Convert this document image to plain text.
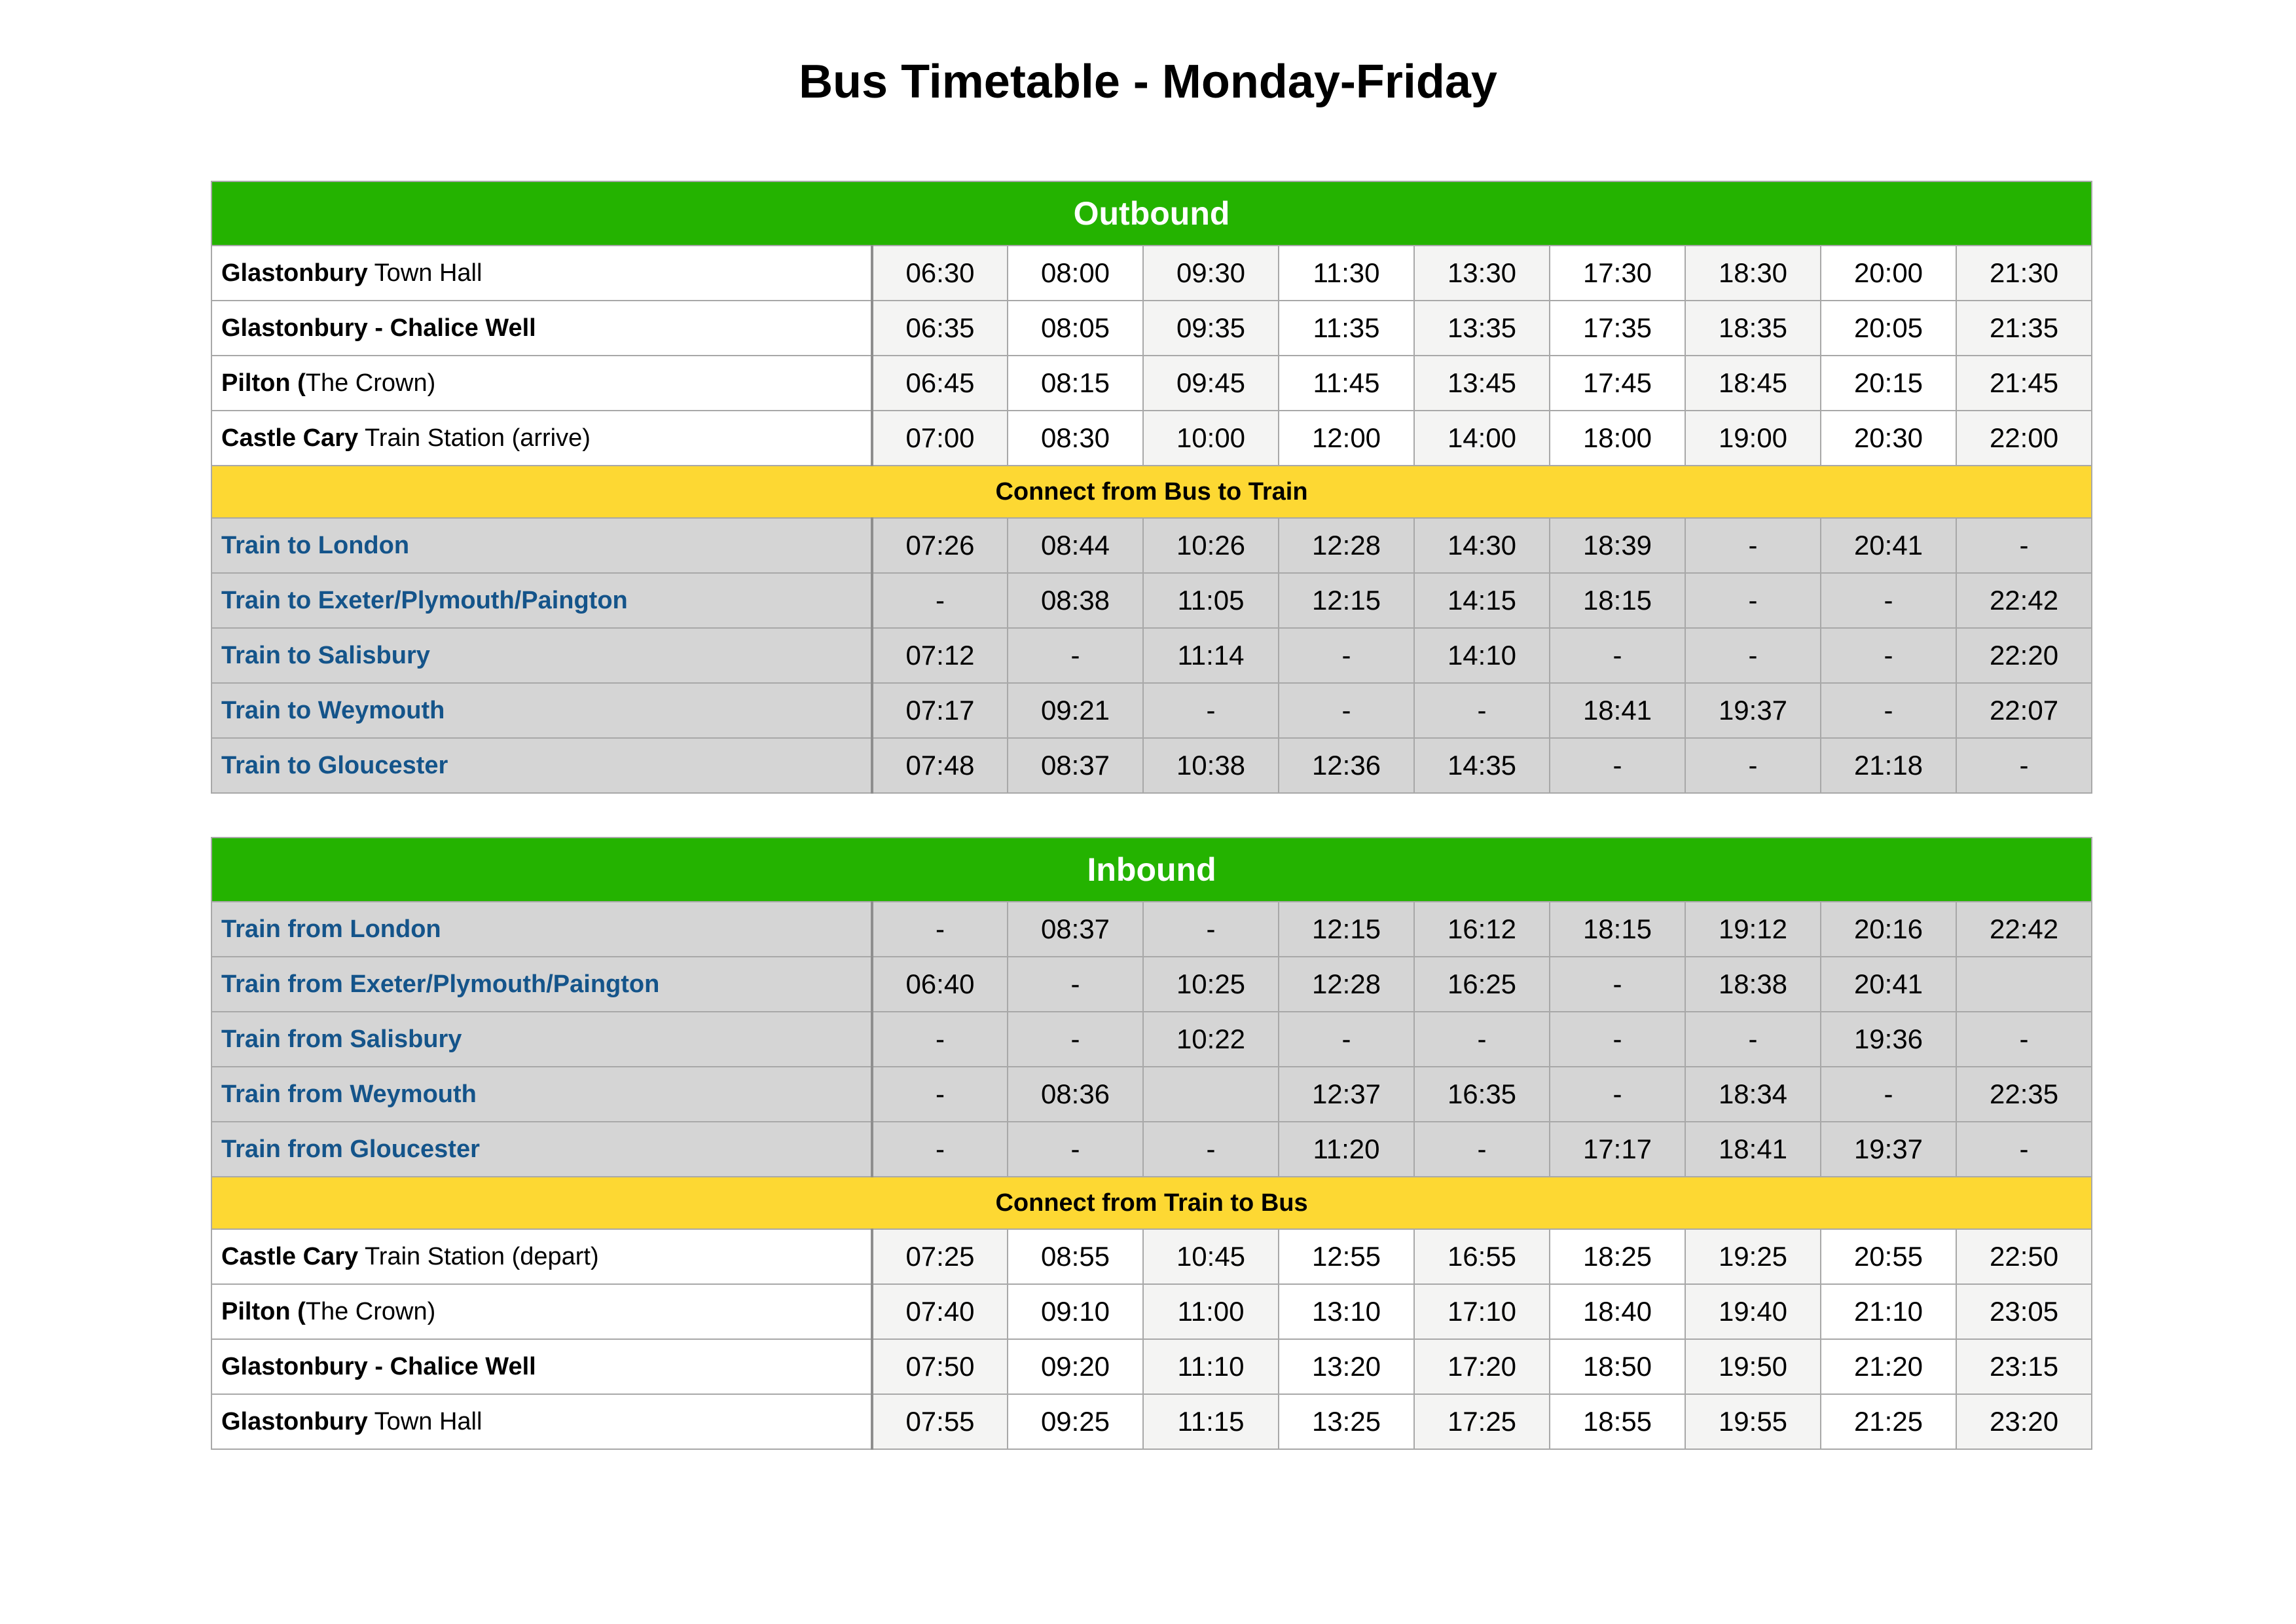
Bus Timetable - Monday-Friday
Outbound									
Glastonbury Town Hall	06:30	08:00	09:30	11:30	13:30	17:30	18:30	20:00	21:30
Glastonbury - Chalice Well	06:35	08:05	09:35	11:35	13:35	17:35	18:35	20:05	21:35
Pilton (The Crown)	06:45	08:15	09:45	11:45	13:45	17:45	18:45	20:15	21:45
Castle Cary Train Station (arrive)	07:00	08:30	10:00	12:00	14:00	18:00	19:00	20:30	22:00
Connect from Bus to Train									
Train to London	07:26	08:44	10:26	12:28	14:30	18:39	-	20:41	-
Train to Exeter/Plymouth/Paington	-	08:38	11:05	12:15	14:15	18:15	-	-	22:42
Train to Salisbury	07:12	-	11:14	-	14:10	-	-	-	22:20
Train to Weymouth	07:17	09:21	-	-	-	18:41	19:37	-	22:07
Train to Gloucester	07:48	08:37	10:38	12:36	14:35	-	-	21:18	-
Inbound									
Train from London	-	08:37	-	12:15	16:12	18:15	19:12	20:16	22:42
Train from Exeter/Plymouth/Paington	06:40	-	10:25	12:28	16:25	-	18:38	20:41	
Train from Salisbury	-	-	10:22	-	-	-	-	19:36	-
Train from Weymouth	-	08:36		12:37	16:35	-	18:34	-	22:35
Train from Gloucester	-	-	-	11:20	-	17:17	18:41	19:37	-
Connect from Train to Bus									
Castle Cary Train Station (depart)	07:25	08:55	10:45	12:55	16:55	18:25	19:25	20:55	22:50
Pilton (The Crown)	07:40	09:10	11:00	13:10	17:10	18:40	19:40	21:10	23:05
Glastonbury - Chalice Well	07:50	09:20	11:10	13:20	17:20	18:50	19:50	21:20	23:15
Glastonbury Town Hall	07:55	09:25	11:15	13:25	17:25	18:55	19:55	21:25	23:20
